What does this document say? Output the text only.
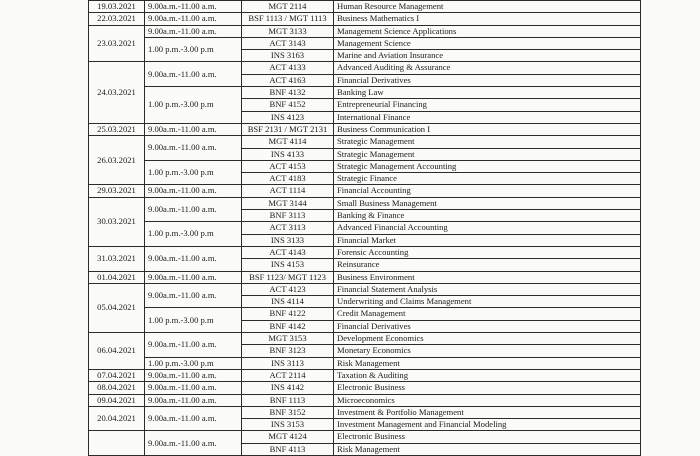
19.03.2021	9.00a.m.-11.00 a.m.	MGT 2114	Human Resource Management
22.03.2021	9.00a.m.-11.00 a.m.	BSF 1113 / MGT 1113	Business Mathematics I
23.03.2021	9.00a.m.-11.00 a.m.	MGT 3133	Management Science Applications
	1.00 p.m.-3.00 p.m	ACT 3143	Management Science
		INS 3163	Marine and Aviation Insurance
24.03.2021	9.00a.m.-11.00 a.m.	ACT 4133	Advanced Auditing & Assurance
		ACT 4163	Financial Derivatives
	1.00 p.m.-3.00 p.m	BNF 4132	Banking Law
		BNF 4152	Entrepreneurial Financing
		INS 4123	International Finance
25.03.2021	9.00a.m.-11.00 a.m.	BSF 2131 / MGT 2131	Business Communication I
26.03.2021	9.00a.m.-11.00 a.m.	MGT 4114	Strategic Management
		INS 4133	Strategic Management
	1.00 p.m.-3.00 p.m	ACT 4153	Strategic Management Accounting
		ACT 4183	Strategic Finance
29.03.2021	9.00a.m.-11.00 a.m.	ACT 1114	Financial Accounting
30.03.2021	9.00a.m.-11.00 a.m.	MGT 3144	Small Business Management
		BNF 3113	Banking & Finance
	1.00 p.m.-3.00 p.m	ACT 3113	Advanced Financial Accounting
		INS 3133	Financial Market
31.03.2021	9.00a.m.-11.00 a.m.	ACT 4143	Forensic Accounting
		INS 4153	Reinsurance
01.04.2021	9.00a.m.-11.00 a.m.	BSF 1123/ MGT 1123	Business Environment
05.04.2021	9.00a.m.-11.00 a.m.	ACT 4123	Financial Statement Analysis
		INS 4114	Underwriting and Claims Management
	1.00 p.m.-3.00 p.m	BNF 4122	Credit Management
		BNF 4142	Financial Derivatives
06.04.2021	9.00a.m.-11.00 a.m.	MGT 3153	Development Economics
		BNF 3123	Monetary Economics
	1.00 p.m.-3.00 p.m	INS 3113	Risk Management
07.04.2021	9.00a.m.-11.00 a.m.	ACT 2114	Taxation & Auditing
08.04.2021	9.00a.m.-11.00 a.m.	INS 4142	Electronic Business
09.04.2021	9.00a.m.-11.00 a.m.	BNF 1113	Microeconomics
20.04.2021	9.00a.m.-11.00 a.m.	BNF 3152	Investment & Portfolio Management
		INS 3153	Investment Management and Financial Modeling
	9.00a.m.-11.00 a.m.	MGT 4124	Electronic Business
		BNF 4113	Risk Management
